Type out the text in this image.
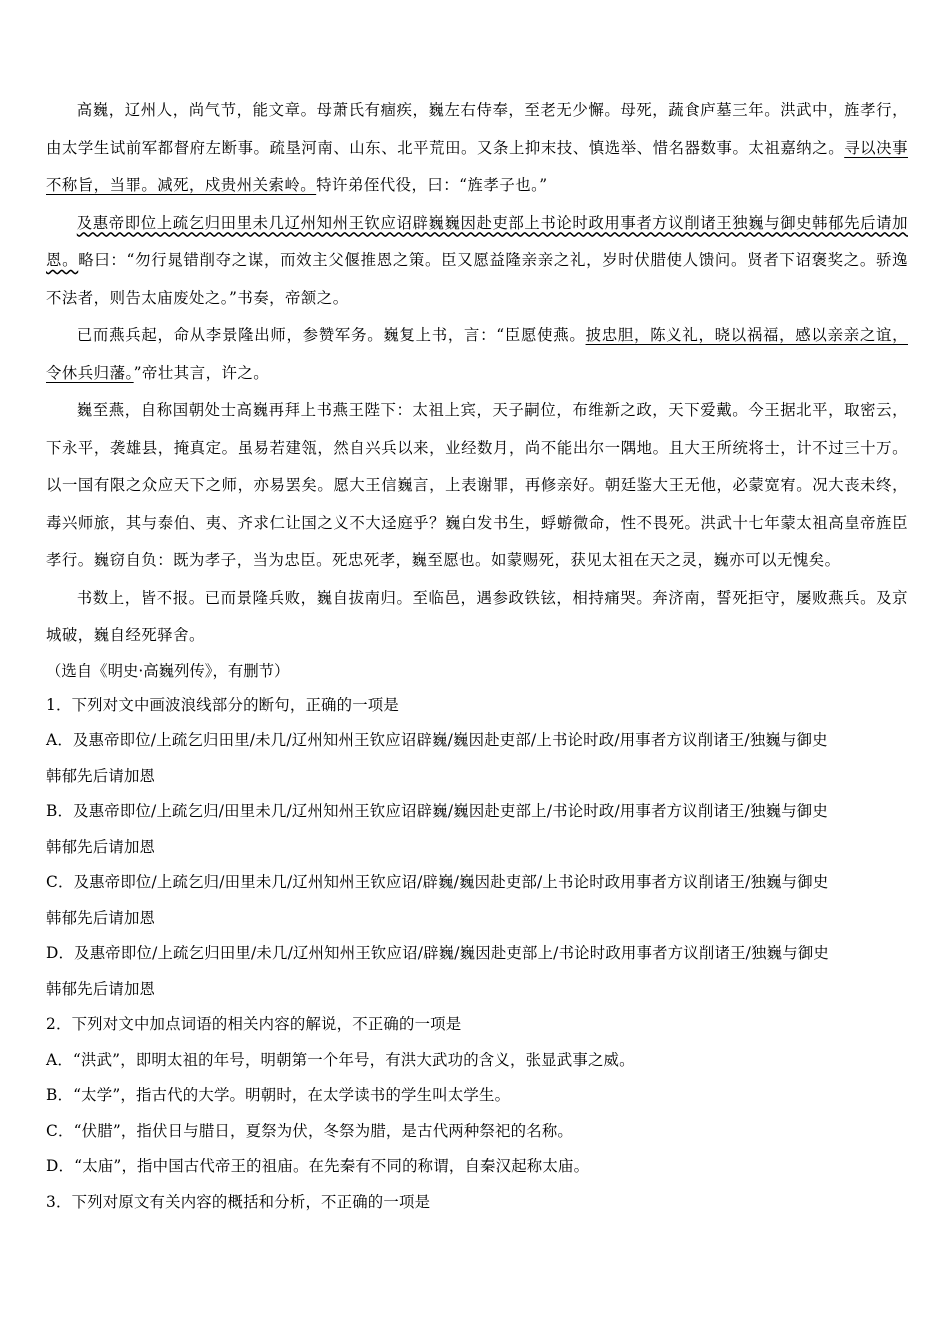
高巍，辽州人，尚气节，能文章。母萧氏有痼疾，巍左右侍奉，至老无少懈。母死，蔬食庐墓三年。洪武中，旌孝行，由太学生试前军都督府左断事。疏垦河南、山东、北平荒田。又条上抑末技、慎选举、惜名器数事。太祖嘉纳之。寻以决事不称旨，当罪。减死，戍贵州关索岭。特许弟侄代役，曰：“旌孝子也。”

及惠帝即位上疏乞归田里未几辽州知州王钦应诏辟巍巍因赴吏部上书论时政用事者方议削诸王独巍与御史韩郁先后请加恩。略曰：“勿行晁错削夺之谋，而效主父偃推恩之策。臣又愿益隆亲亲之礼，岁时伏腊使人馈问。贤者下诏褒奖之。骄逸不法者，则告太庙废处之。”书奏，帝颔之。

已而燕兵起，命从李景隆出师，参赞军务。巍复上书，言：“臣愿使燕。披忠胆，陈义礼，晓以祸福，感以亲亲之谊，令休兵归藩。”帝壮其言，许之。

巍至燕，自称国朝处士高巍再拜上书燕王陛下：太祖上宾，天子嗣位，布维新之政，天下爱戴。今王据北平，取密云，下永平，袭雄县，掩真定。虽易若建瓴，然自兴兵以来，业经数月，尚不能出尔一隅地。且大王所统将士，计不过三十万。以一国有限之众应天下之师，亦易罢矣。愿大王信巍言，上表谢罪，再修亲好。朝廷鉴大王无他，必蒙宽宥。况大丧未终，毒兴师旅，其与泰伯、夷、齐求仁让国之义不大迳庭乎？巍白发书生，蜉蝣微命，性不畏死。洪武十七年蒙太祖高皇帝旌臣孝行。巍窃自负：既为孝子，当为忠臣。死忠死孝，巍至愿也。如蒙赐死，获见太祖在天之灵，巍亦可以无愧矣。

书数上，皆不报。已而景隆兵败，巍自拔南归。至临邑，遇参政铁铉，相持痛哭。奔济南，誓死拒守，屡败燕兵。及京城破，巍自经死驿舍。

（选自《明史·高巍列传》，有删节）

1．下列对文中画波浪线部分的断句，正确的一项是

A．及惠帝即位/上疏乞归田里/未几/辽州知州王钦应诏辟巍/巍因赴吏部/上书论时政/用事者方议削诸王/独巍与御史

韩郁先后请加恩

B．及惠帝即位/上疏乞归/田里未几/辽州知州王钦应诏辟巍/巍因赴吏部上/书论时政/用事者方议削诸王/独巍与御史

韩郁先后请加恩

C．及惠帝即位/上疏乞归/田里未几/辽州知州王钦应诏/辟巍/巍因赴吏部/上书论时政用事者方议削诸王/独巍与御史

韩郁先后请加恩

D．及惠帝即位/上疏乞归田里/未几/辽州知州王钦应诏/辟巍/巍因赴吏部上/书论时政用事者方议削诸王/独巍与御史

韩郁先后请加恩

2．下列对文中加点词语的相关内容的解说，不正确的一项是

A．“洪武”，即明太祖的年号，明朝第一个年号，有洪大武功的含义，张显武事之威。

B．“太学”，指古代的大学。明朝时，在太学读书的学生叫太学生。

C．“伏腊”，指伏日与腊日，夏祭为伏，冬祭为腊，是古代两种祭祀的名称。

D．“太庙”，指中国古代帝王的祖庙。在先秦有不同的称谓，自秦汉起称太庙。

3．下列对原文有关内容的概括和分析，不正确的一项是
